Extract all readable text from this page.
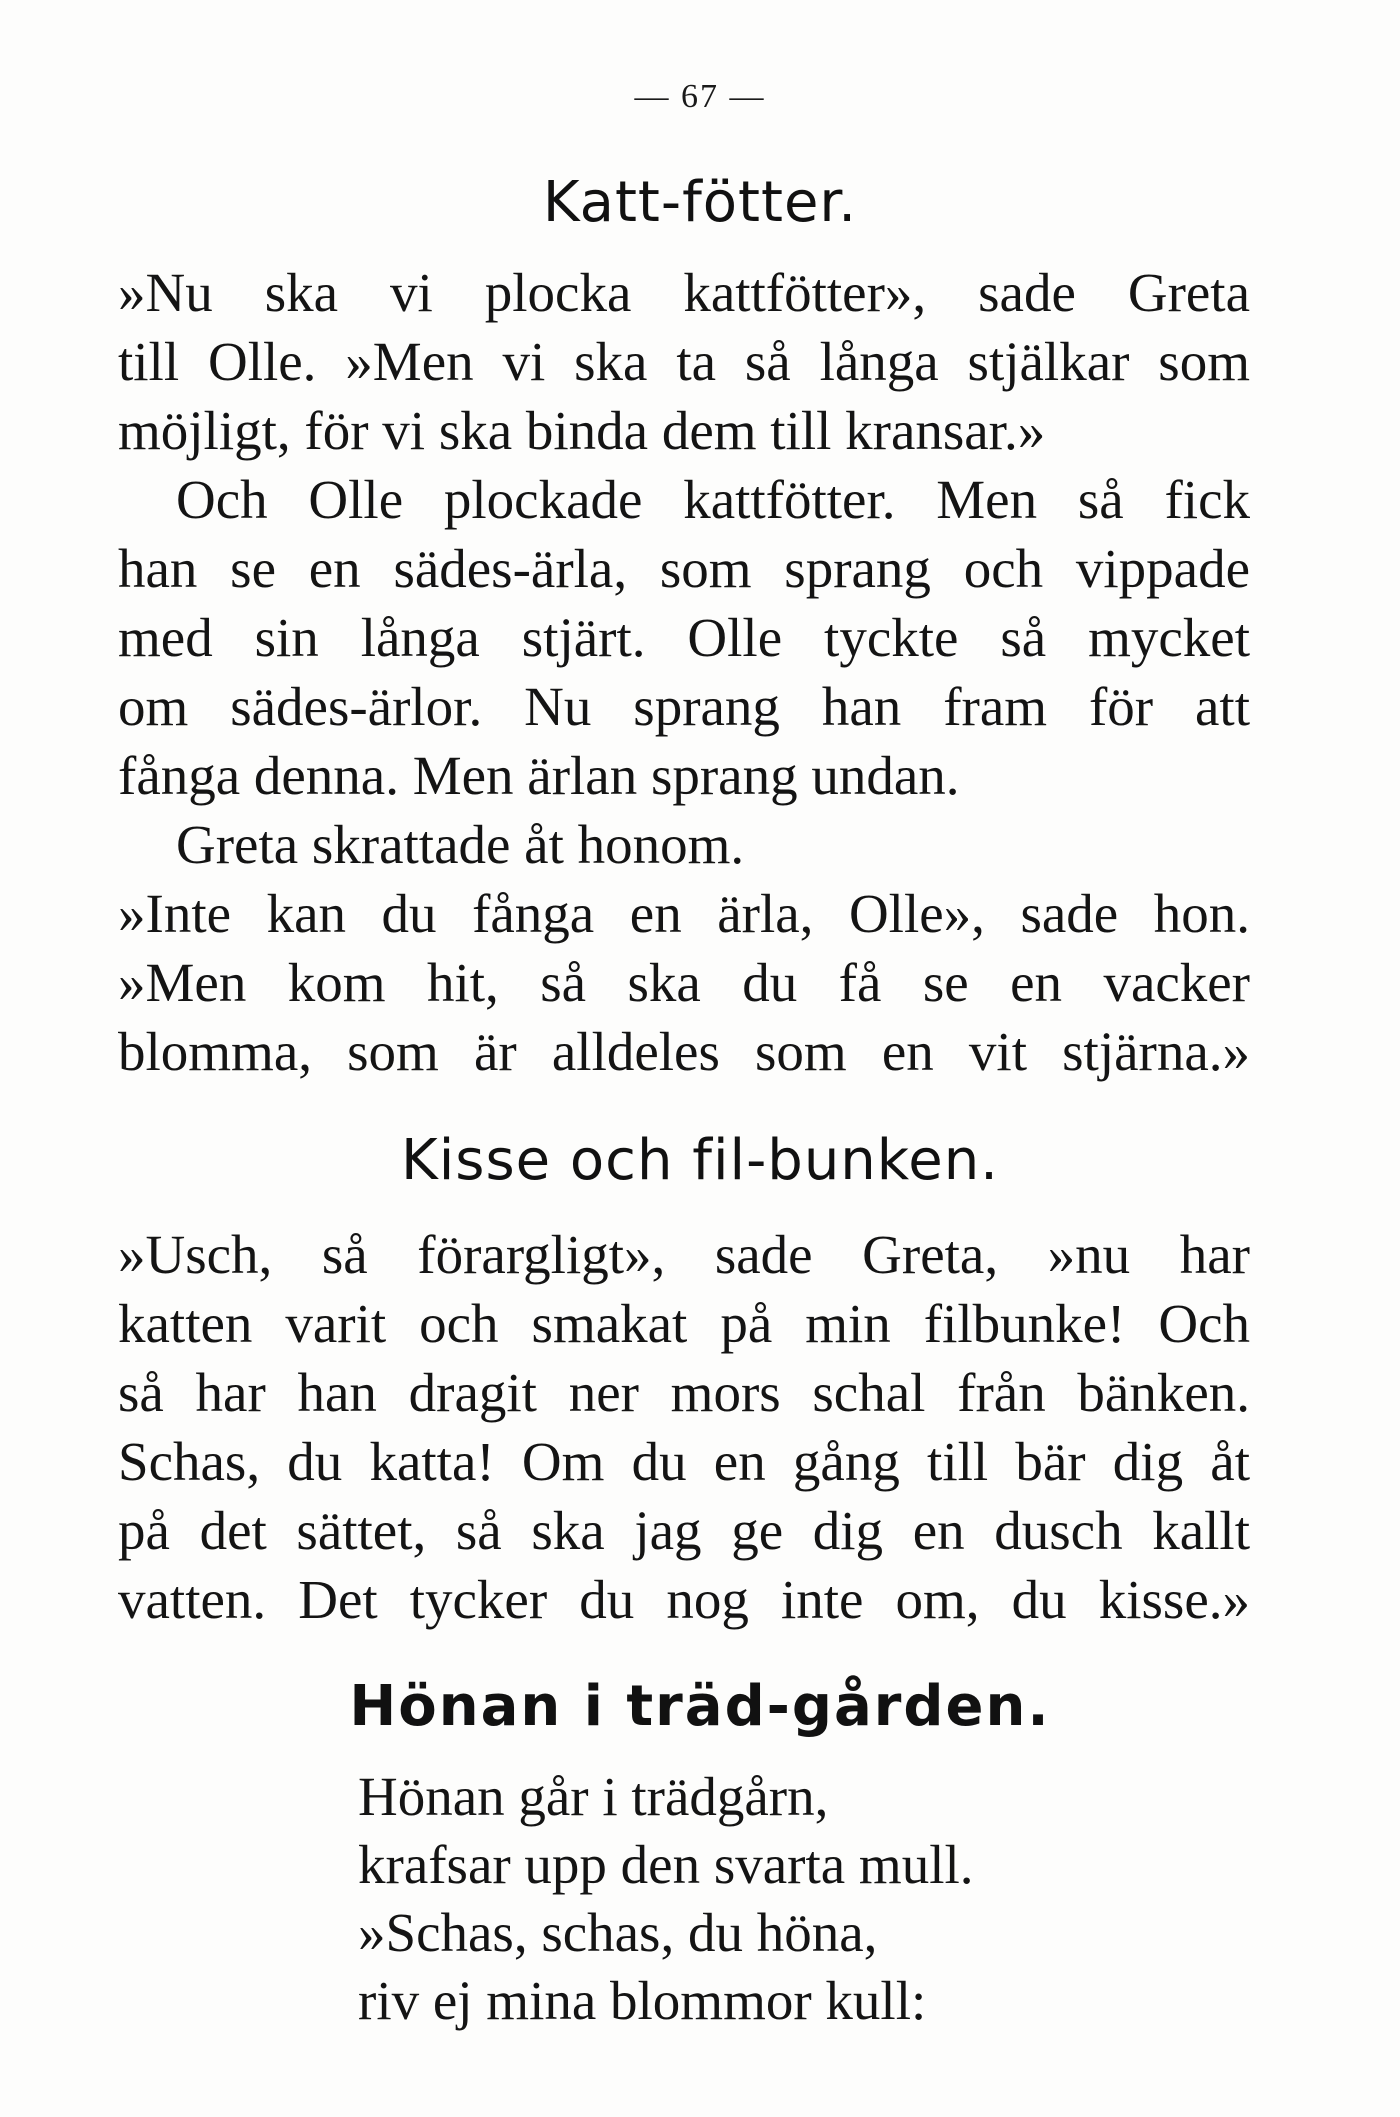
— 67 —

Katt-fötter.
»Nu ska vi plocka kattfötter», sade Greta
till Olle. »Men vi ska ta så långa stjälkar som
möjligt, för vi ska binda dem till kransar.»
Och Olle plockade kattfötter. Men så fick
han se en sädes-ärla, som sprang och vippade
med sin långa stjärt. Olle tyckte så mycket
om sädes-ärlor. Nu sprang han fram för att
fånga denna. Men ärlan sprang undan.
Greta skrattade åt honom.
»Inte kan du fånga en ärla, Olle», sade hon.
»Men kom hit, så ska du få se en vacker
blomma, som är alldeles som en vit stjärna.»
Kisse och fil-bunken.
»Usch, så förargligt», sade Greta, »nu har
katten varit och smakat på min filbunke! Och
så har han dragit ner mors schal från bänken.
Schas, du katta! Om du en gång till bär dig åt
på det sättet, så ska jag ge dig en dusch kallt
vatten. Det tycker du nog inte om, du kisse.»
Hönan i träd-gården.
Hönan går i trädgårn,
krafsar upp den svarta mull.
»Schas, schas, du höna,
riv ej mina blommor kull:
